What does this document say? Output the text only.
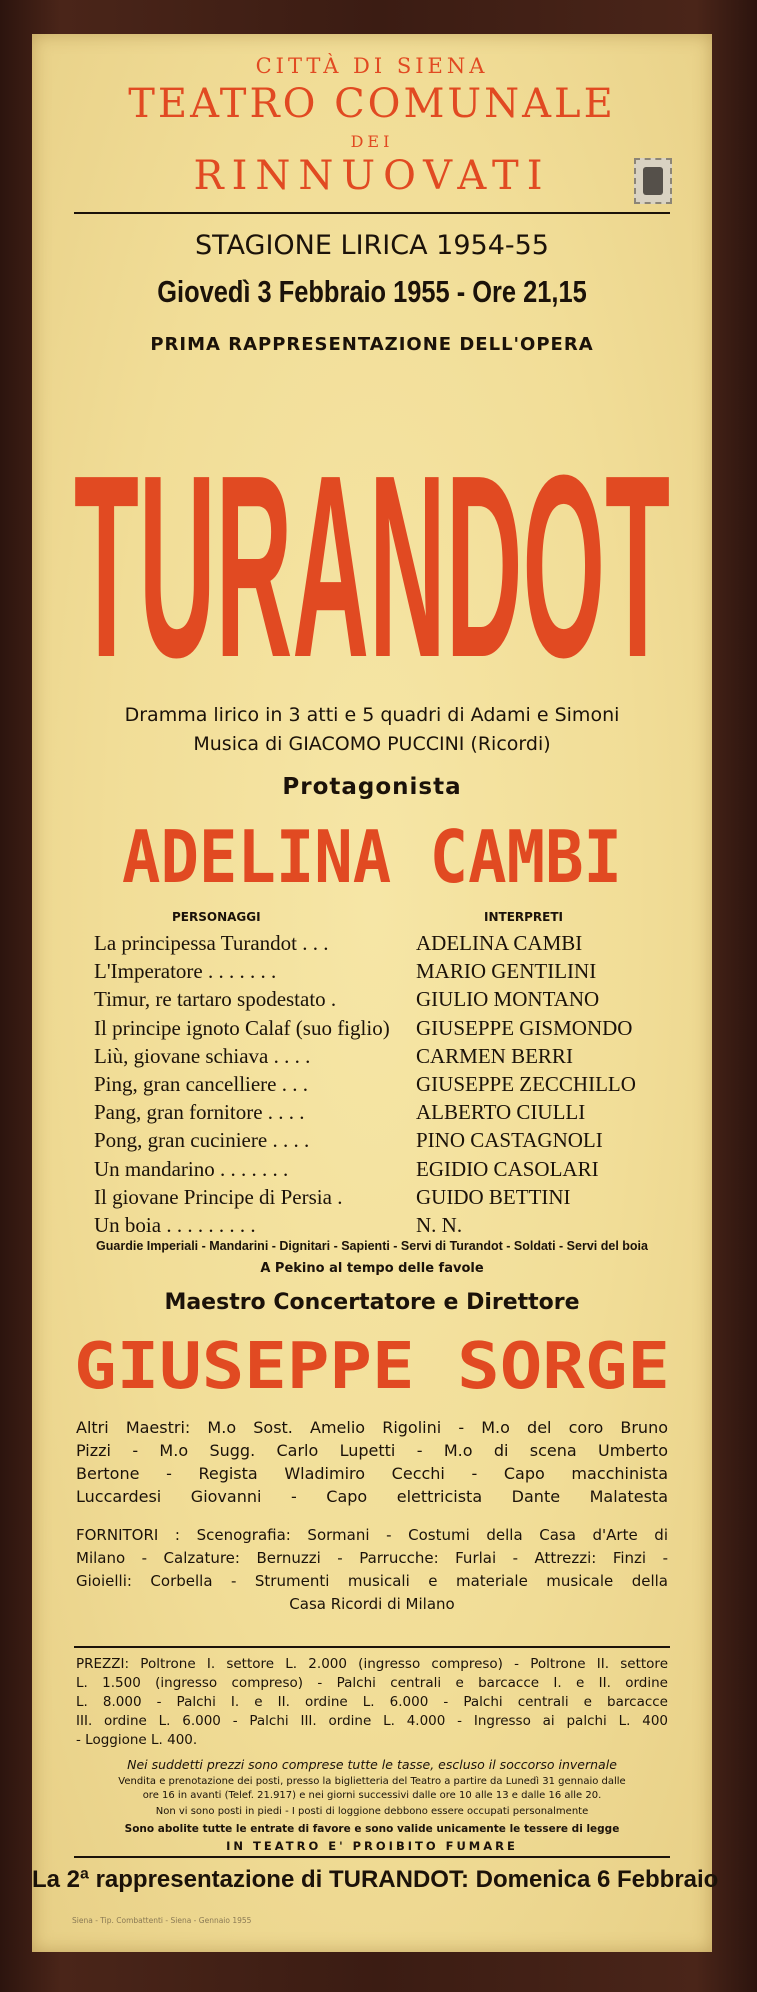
CITTÀ DI SIENA
TEATRO COMUNALE
DEI
RINNUOVATI
STAGIONE LIRICA 1954-55
Giovedì 3 Febbraio 1955 - Ore 21,15
PRIMA RAPPRESENTAZIONE DELL'OPERA
TURANDOT
Dramma lirico in 3 atti e 5 quadri di Adami e Simoni
Musica di GIACOMO PUCCINI (Ricordi)
Protagonista
ADELINA CAMBI
PERSONAGGI	INTERPRETI
La principessa Turandot . . .	ADELINA CAMBI
L'Imperatore . . . . . . .	MARIO GENTILINI
Timur, re tartaro spodestato .	GIULIO MONTANO
Il principe ignoto Calaf (suo figlio)	GIUSEPPE GISMONDO
Liù, giovane schiava . . . .	CARMEN BERRI
Ping, gran cancelliere . . .	GIUSEPPE ZECCHILLO
Pang, gran fornitore . . . .	ALBERTO CIULLI
Pong, gran cuciniere . . . .	PINO CASTAGNOLI
Un mandarino . . . . . . .	EGIDIO CASOLARI
Il giovane Principe di Persia .	GUIDO BETTINI
Un boia . . . . . . . . .	N. N.
Guardie Imperiali - Mandarini - Dignitari - Sapienti - Servi di Turandot - Soldati - Servi del boia
A Pekino al tempo delle favole
Maestro Concertatore e Direttore
GIUSEPPE SORGE
Altri Maestri: M.o Sost. Amelio Rigolini - M.o del coro Bruno
Pizzi - M.o Sugg. Carlo Lupetti - M.o di scena Umberto
Bertone - Regista Wladimiro Cecchi - Capo macchinista
Luccardesi Giovanni - Capo elettricista Dante Malatesta
FORNITORI : Scenografia: Sormani - Costumi della Casa d'Arte di
Milano - Calzature: Bernuzzi - Parrucche: Furlai - Attrezzi: Finzi -
Gioielli: Corbella - Strumenti musicali e materiale musicale della
Casa Ricordi di Milano
PREZZI: Poltrone I. settore L. 2.000 (ingresso compreso) - Poltrone II. settore
L. 1.500 (ingresso compreso) - Palchi centrali e barcacce I. e II. ordine
L. 8.000 - Palchi I. e II. ordine L. 6.000 - Palchi centrali e barcacce
III. ordine L. 6.000 - Palchi III. ordine L. 4.000 - Ingresso ai palchi L. 400
- Loggione L. 400.
Nei suddetti prezzi sono comprese tutte le tasse, escluso il soccorso invernale
Vendita e prenotazione dei posti, presso la biglietteria del Teatro a partire da Lunedì 31 gennaio dalle
ore 16 in avanti (Telef. 21.917) e nei giorni successivi dalle ore 10 alle 13 e dalle 16 alle 20.
Non vi sono posti in piedi - I posti di loggione debbono essere occupati personalmente
Sono abolite tutte le entrate di favore e sono valide unicamente le tessere di legge
IN TEATRO E' PROIBITO FUMARE
La 2ª rappresentazione di TURANDOT: Domenica 6 Febbraio
Siena - Tip. Combattenti - Siena - Gennaio 1955
